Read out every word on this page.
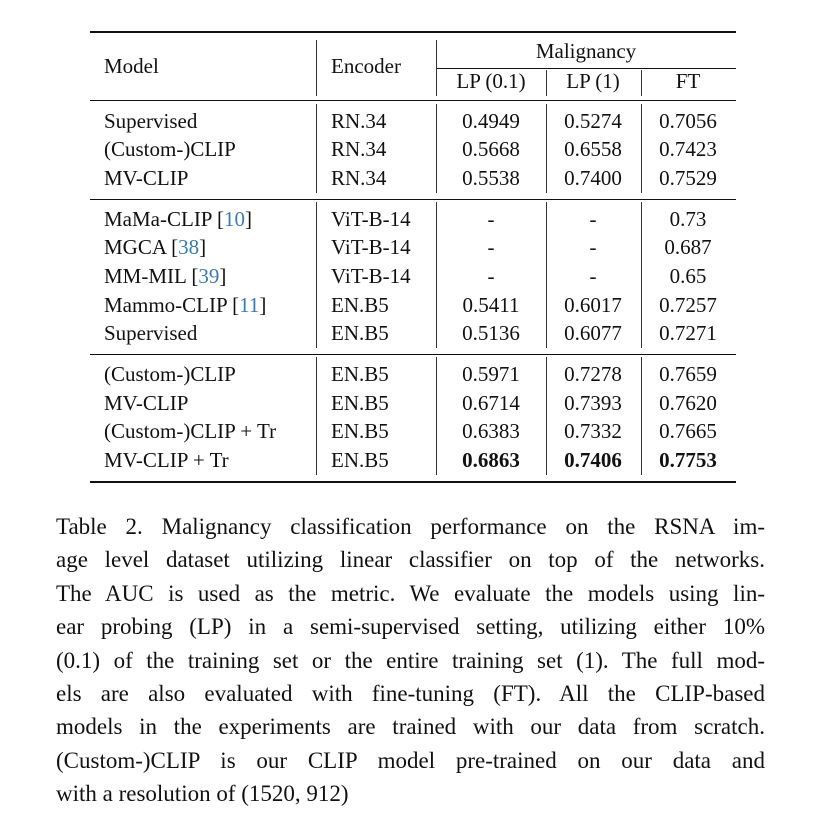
Model	Encoder
Malignancy
LP (0.1) LP (1)	FT
Supervised	RN.34	0.4949 0.5274 0.7056
(Custom-)CLIP	RN.34	0.5668 0.6558 0.7423
MV-CLIP	RN.34	0.5538 0.7400 0.7529
MaMa-CLIP [10]	ViT-B-14	-	-	0.73
MGCA [38]	ViT-B-14	-	-	0.687
MM-MIL [39]	ViT-B-14	-	-	0.65
Mammo-CLIP [11]	EN.B5	0.5411 0.6017 0.7257
Supervised	EN.B5	0.5136 0.6077 0.7271
(Custom-)CLIP	EN.B5	0.5971 0.7278 0.7659
MV-CLIP	EN.B5	0.6714 0.7393 0.7620
(Custom-)CLIP + Tr	EN.B5	0.6383 0.7332 0.7665
MV-CLIP + Tr	EN.B5	0.6863 0.7406 0.7753
Table 2. Malignancy classification performance on the RSNA im-
age level dataset utilizing linear classifier on top of the networks.
The AUC is used as the metric. We evaluate the models using lin-
ear probing (LP) in a semi-supervised setting, utilizing either 10%
(0.1) of the training set or the entire training set (1). The full mod-
els are also evaluated with fine-tuning (FT). All the CLIP-based
models in the experiments are trained with our data from scratch.
(Custom-)CLIP is our CLIP model pre-trained on our data and
with a resolution of (1520, 912)
